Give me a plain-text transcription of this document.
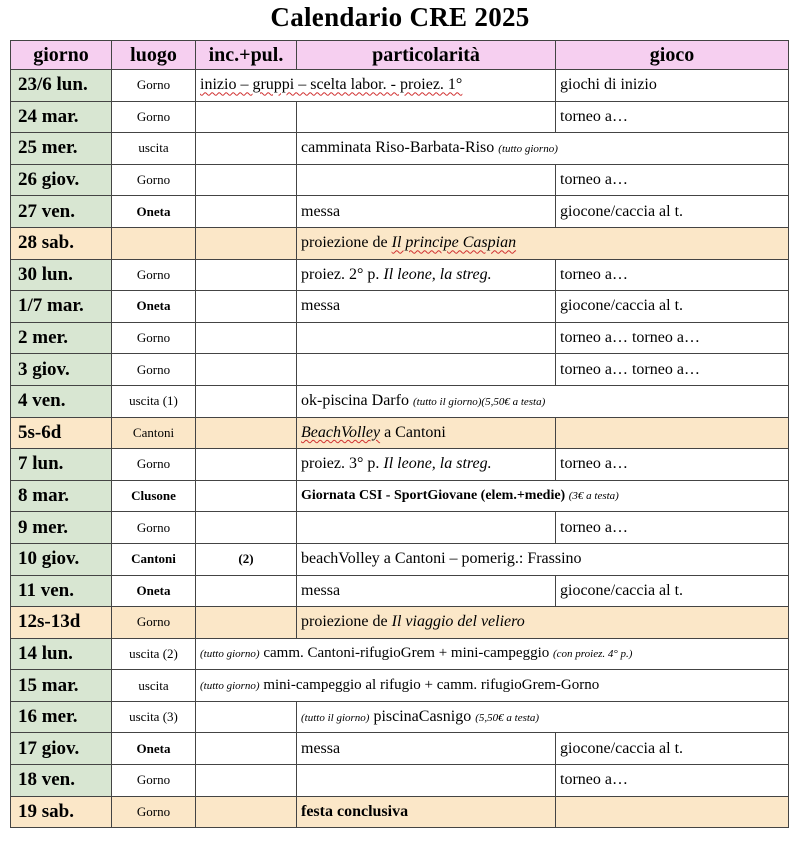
Calendario CRE 2025
giorno	luogo	inc.+pul.	particolarità	gioco
23/6 lun.	Gorno	inizio – gruppi – scelta labor. - proiez. 1°		giochi di inizio
24 mar.	Gorno			torneo a…
25 mer.	uscita		camminata Riso-Barbata-Riso (tutto giorno)	
26 giov.	Gorno			torneo a…
27 ven.	Oneta		messa	giocone/caccia al t.
28 sab.			proiezione de Il principe Caspian	
30 lun.	Gorno		proiez. 2° p. Il leone, la streg.	torneo a…
1/7 mar.	Oneta		messa	giocone/caccia al t.
2 mer.	Gorno			torneo a… torneo a…
3 giov.	Gorno			torneo a… torneo a…
4 ven.	uscita (1)		ok-piscina Darfo (tutto il giorno)(5,50€ a testa)	
5s-6d	Cantoni		BeachVolley a Cantoni	
7 lun.	Gorno		proiez. 3° p. Il leone, la streg.	torneo a…
8 mar.	Clusone		Giornata CSI - SportGiovane (elem.+medie) (3€ a testa)	
9 mer.	Gorno			torneo a…
10 giov.	Cantoni	(2)	beachVolley a Cantoni – pomerig.: Frassino	
11 ven.	Oneta		messa	giocone/caccia al t.
12s-13d	Gorno		proiezione de Il viaggio del veliero	
14 lun.	uscita (2)	(tutto giorno) camm. Cantoni-rifugioGrem + mini-campeggio (con proiez. 4° p.)		
15 mar.	uscita	(tutto giorno) mini-campeggio al rifugio + camm. rifugioGrem-Gorno		
16 mer.	uscita (3)		(tutto il giorno) piscinaCasnigo (5,50€ a testa)	
17 giov.	Oneta		messa	giocone/caccia al t.
18 ven.	Gorno			torneo a…
19 sab.	Gorno		festa conclusiva	
